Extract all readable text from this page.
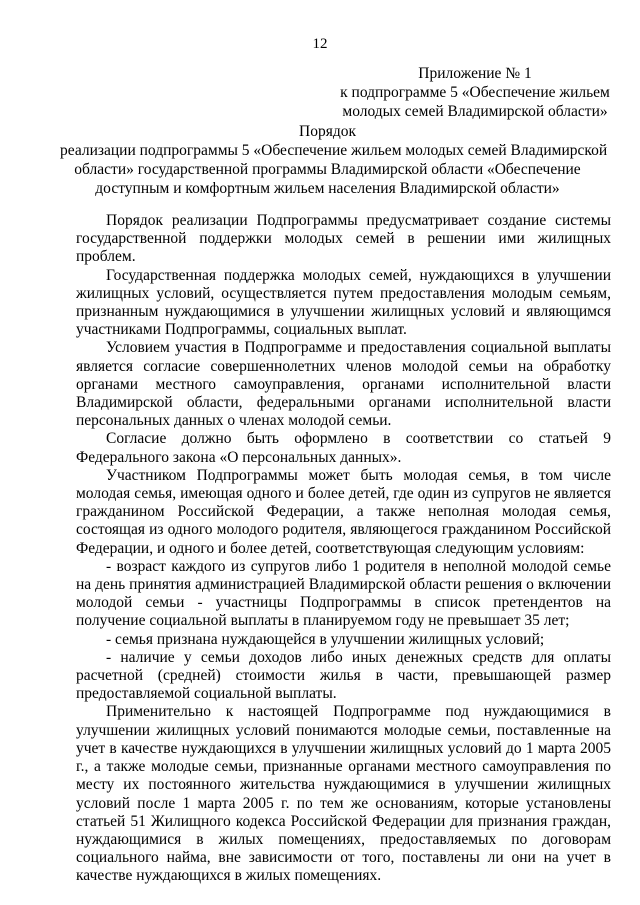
12
Приложение № 1
к подпрограмме 5 «Обеспечение жильем
молодых семей Владимирской области»
Порядок
реализации подпрограммы 5 «Обеспечение жильем молодых семей Владимирской
области» государственной программы Владимирской области «Обеспечение
доступным и комфортным жильем населения Владимирской области»

Порядок реализации Подпрограммы предусматривает создание системы государственной поддержки молодых семей в решении ими жилищных проблем.

Государственная поддержка молодых семей, нуждающихся в улучшении жилищных условий, осуществляется путем предоставления молодым семьям, признанным нуждающимися в улучшении жилищных условий и являющимся участниками Подпрограммы, социальных выплат.

Условием участия в Подпрограмме и предоставления социальной выплаты является согласие совершеннолетних членов молодой семьи на обработку органами местного самоуправления, органами исполнительной власти Владимирской области, федеральными органами исполнительной власти персональных данных о членах молодой семьи.

Согласие должно быть оформлено в соответствии со статьей 9 Федерального закона «О персональных данных».

Участником Подпрограммы может быть молодая семья, в том числе молодая семья, имеющая одного и более детей, где один из супругов не является гражданином Российской Федерации, а также неполная молодая семья, состоящая из одного молодого родителя, являющегося гражданином Российской Федерации, и одного и более детей, соответствующая следующим условиям:

- возраст каждого из супругов либо 1 родителя в неполной молодой семье на день принятия администрацией Владимирской области решения о включении молодой семьи - участницы Подпрограммы в список претендентов на получение социальной выплаты в планируемом году не превышает 35 лет;

- семья признана нуждающейся в улучшении жилищных условий;

- наличие у семьи доходов либо иных денежных средств для оплаты расчетной (средней) стоимости жилья в части, превышающей размер предоставляемой социальной выплаты.

Применительно к настоящей Подпрограмме под нуждающимися в улучшении жилищных условий понимаются молодые семьи, поставленные на учет в качестве нуждающихся в улучшении жилищных условий до 1 марта 2005 г., а также молодые семьи, признанные органами местного самоуправления по месту их постоянного жительства нуждающимися в улучшении жилищных условий после 1 марта 2005 г. по тем же основаниям, которые установлены статьей 51 Жилищного кодекса Российской Федерации для признания граждан, нуждающимися в жилых помещениях, предоставляемых по договорам социального найма, вне зависимости от того, поставлены ли они на учет в качестве нуждающихся в жилых помещениях.
